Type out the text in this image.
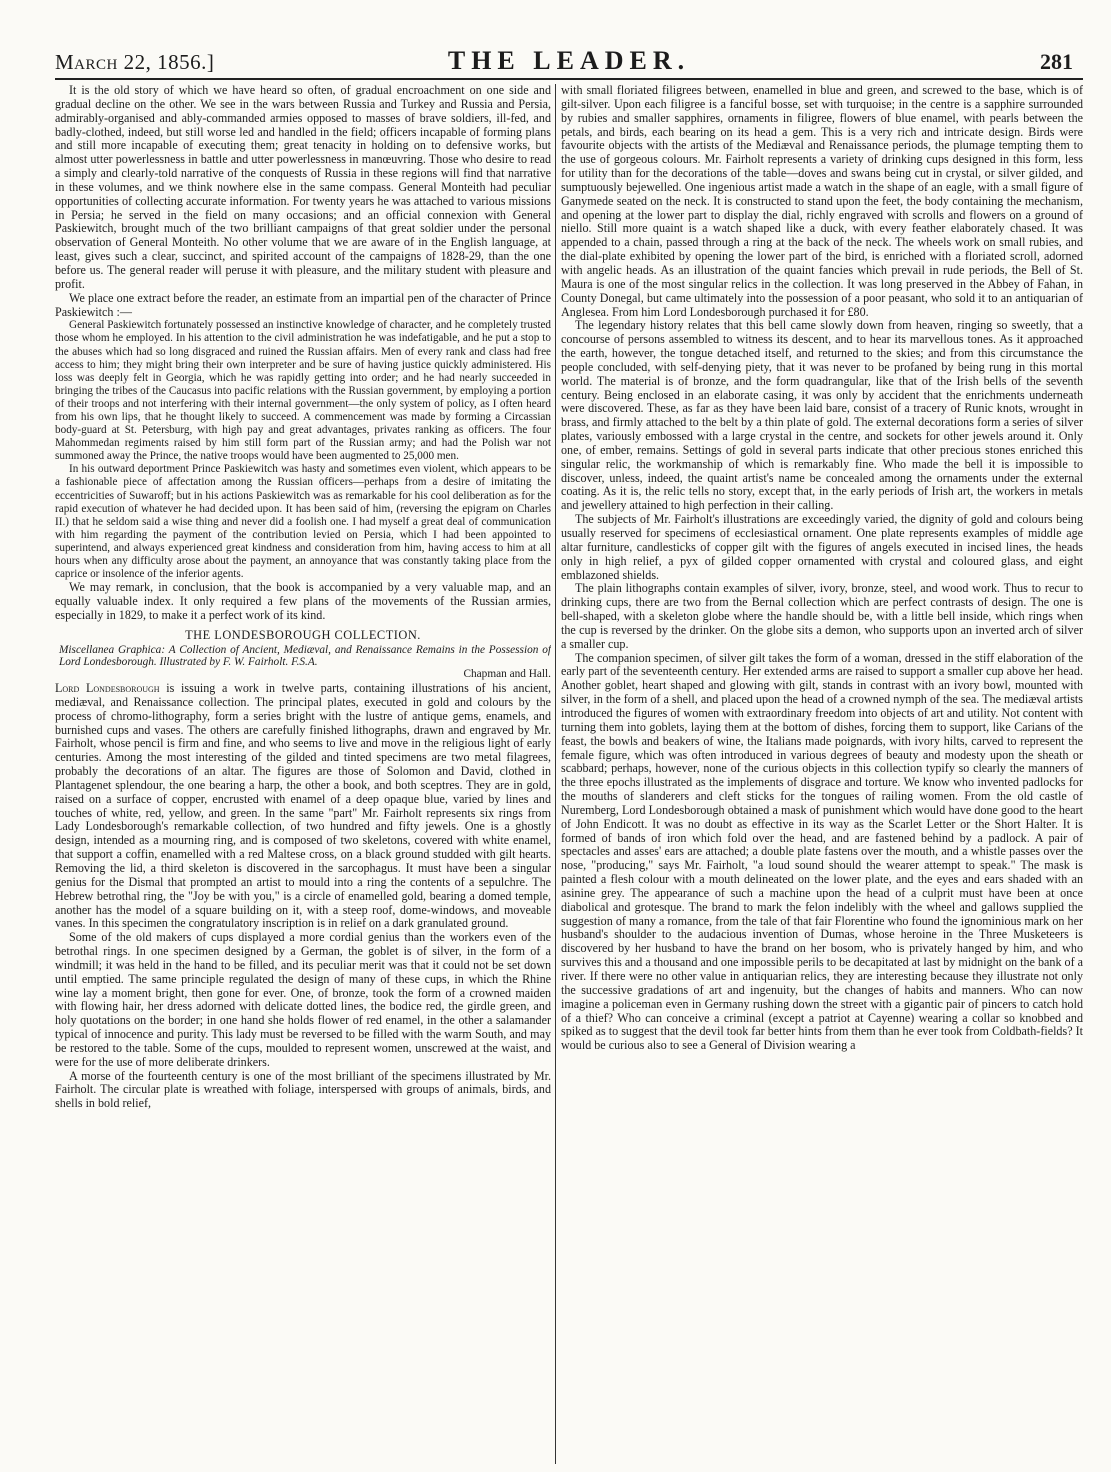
March 22, 1856.]	THE LEADER.	281

It is the old story of which we have heard so often, of gradual encroachment on one side and gradual decline on the other. We see in the wars between Russia and Turkey and Russia and Persia, admirably-organised and ably-commanded armies opposed to masses of brave soldiers, ill-fed, and badly-clothed, indeed, but still worse led and handled in the field; officers incapable of forming plans and still more incapable of executing them; great tenacity in holding on to defensive works, but almost utter powerlessness in battle and utter powerlessness in manœuvring. Those who desire to read a simply and clearly-told narrative of the conquests of Russia in these regions will find that narrative in these volumes, and we think nowhere else in the same compass. General Monteith had peculiar opportunities of collecting accurate information. For twenty years he was attached to various missions in Persia; he served in the field on many occasions; and an official connexion with General Paskiewitch, brought much of the two brilliant campaigns of that great soldier under the personal observation of General Monteith. No other volume that we are aware of in the English language, at least, gives such a clear, succinct, and spirited account of the campaigns of 1828-29, than the one before us. The general reader will peruse it with pleasure, and the military student with pleasure and profit.

We place one extract before the reader, an estimate from an impartial pen of the character of Prince Paskiewitch :—

General Paskiewitch fortunately possessed an instinctive knowledge of character, and he completely trusted those whom he employed. In his attention to the civil administration he was indefatigable, and he put a stop to the abuses which had so long disgraced and ruined the Russian affairs. Men of every rank and class had free access to him; they might bring their own interpreter and be sure of having justice quickly administered. His loss was deeply felt in Georgia, which he was rapidly getting into order; and he had nearly succeeded in bringing the tribes of the Caucasus into pacific relations with the Russian government, by employing a portion of their troops and not interfering with their internal government—the only system of policy, as I often heard from his own lips, that he thought likely to succeed. A commencement was made by forming a Circassian body-guard at St. Petersburg, with high pay and great advantages, privates ranking as officers. The four Mahommedan regiments raised by him still form part of the Russian army; and had the Polish war not summoned away the Prince, the native troops would have been augmented to 25,000 men.

In his outward deportment Prince Paskiewitch was hasty and sometimes even violent, which appears to be a fashionable piece of affectation among the Russian officers—perhaps from a desire of imitating the eccentricities of Suwaroff; but in his actions Paskiewitch was as remarkable for his cool deliberation as for the rapid execution of whatever he had decided upon. It has been said of him, (reversing the epigram on Charles II.) that he seldom said a wise thing and never did a foolish one. I had myself a great deal of communication with him regarding the payment of the contribution levied on Persia, which I had been appointed to superintend, and always experienced great kindness and consideration from him, having access to him at all hours when any difficulty arose about the payment, an annoyance that was constantly taking place from the caprice or insolence of the inferior agents.

We may remark, in conclusion, that the book is accompanied by a very valuable map, and an equally valuable index. It only required a few plans of the movements of the Russian armies, especially in 1829, to make it a perfect work of its kind.

THE LONDESBOROUGH COLLECTION.
Miscellanea Graphica: A Collection of Ancient, Mediæval, and Renaissance Remains in the Possession of Lord Londesborough. Illustrated by F. W. Fairholt. F.S.A.
Chapman and Hall.

Lord Londesborough is issuing a work in twelve parts, containing illustrations of his ancient, mediæval, and Renaissance collection. The principal plates, executed in gold and colours by the process of chromo-lithography, form a series bright with the lustre of antique gems, enamels, and burnished cups and vases. The others are carefully finished lithographs, drawn and engraved by Mr. Fairholt, whose pencil is firm and fine, and who seems to live and move in the religious light of early centuries. Among the most interesting of the gilded and tinted specimens are two metal filagrees, probably the decorations of an altar. The figures are those of Solomon and David, clothed in Plantagenet splendour, the one bearing a harp, the other a book, and both sceptres. They are in gold, raised on a surface of copper, encrusted with enamel of a deep opaque blue, varied by lines and touches of white, red, yellow, and green. In the same "part" Mr. Fairholt represents six rings from Lady Londesborough's remarkable collection, of two hundred and fifty jewels. One is a ghostly design, intended as a mourning ring, and is composed of two skeletons, covered with white enamel, that support a coffin, enamelled with a red Maltese cross, on a black ground studded with gilt hearts. Removing the lid, a third skeleton is discovered in the sarcophagus. It must have been a singular genius for the Dismal that prompted an artist to mould into a ring the contents of a sepulchre. The Hebrew betrothal ring, the "Joy be with you," is a circle of enamelled gold, bearing a domed temple, another has the model of a square building on it, with a steep roof, dome-windows, and moveable vanes. In this specimen the congratulatory inscription is in relief on a dark granulated ground.

Some of the old makers of cups displayed a more cordial genius than the workers even of the betrothal rings. In one specimen designed by a German, the goblet is of silver, in the form of a windmill; it was held in the hand to be filled, and its peculiar merit was that it could not be set down until emptied. The same principle regulated the design of many of these cups, in which the Rhine wine lay a moment bright, then gone for ever. One, of bronze, took the form of a crowned maiden with flowing hair, her dress adorned with delicate dotted lines, the bodice red, the girdle green, and holy quotations on the border; in one hand she holds flower of red enamel, in the other a salamander typical of innocence and purity. This lady must be reversed to be filled with the warm South, and may be restored to the table. Some of the cups, moulded to represent women, unscrewed at the waist, and were for the use of more deliberate drinkers.

A morse of the fourteenth century is one of the most brilliant of the specimens illustrated by Mr. Fairholt. The circular plate is wreathed with foliage, interspersed with groups of animals, birds, and shells in bold relief,

with small floriated filigrees between, enamelled in blue and green, and screwed to the base, which is of gilt-silver. Upon each filigree is a fanciful bosse, set with turquoise; in the centre is a sapphire surrounded by rubies and smaller sapphires, ornaments in filigree, flowers of blue enamel, with pearls between the petals, and birds, each bearing on its head a gem. This is a very rich and intricate design. Birds were favourite objects with the artists of the Mediæval and Renaissance periods, the plumage tempting them to the use of gorgeous colours. Mr. Fairholt represents a variety of drinking cups designed in this form, less for utility than for the decorations of the table—doves and swans being cut in crystal, or silver gilded, and sumptuously bejewelled. One ingenious artist made a watch in the shape of an eagle, with a small figure of Ganymede seated on the neck. It is constructed to stand upon the feet, the body containing the mechanism, and opening at the lower part to display the dial, richly engraved with scrolls and flowers on a ground of niello. Still more quaint is a watch shaped like a duck, with every feather elaborately chased. It was appended to a chain, passed through a ring at the back of the neck. The wheels work on small rubies, and the dial-plate exhibited by opening the lower part of the bird, is enriched with a floriated scroll, adorned with angelic heads. As an illustration of the quaint fancies which prevail in rude periods, the Bell of St. Maura is one of the most singular relics in the collection. It was long preserved in the Abbey of Fahan, in County Donegal, but came ultimately into the possession of a poor peasant, who sold it to an antiquarian of Anglesea. From him Lord Londesborough purchased it for £80.

The legendary history relates that this bell came slowly down from heaven, ringing so sweetly, that a concourse of persons assembled to witness its descent, and to hear its marvellous tones. As it approached the earth, however, the tongue detached itself, and returned to the skies; and from this circumstance the people concluded, with self-denying piety, that it was never to be profaned by being rung in this mortal world. The material is of bronze, and the form quadrangular, like that of the Irish bells of the seventh century. Being enclosed in an elaborate casing, it was only by accident that the enrichments underneath were discovered. These, as far as they have been laid bare, consist of a tracery of Runic knots, wrought in brass, and firmly attached to the belt by a thin plate of gold. The external decorations form a series of silver plates, variously embossed with a large crystal in the centre, and sockets for other jewels around it. Only one, of ember, remains. Settings of gold in several parts indicate that other precious stones enriched this singular relic, the workmanship of which is remarkably fine. Who made the bell it is impossible to discover, unless, indeed, the quaint artist's name be concealed among the ornaments under the external coating. As it is, the relic tells no story, except that, in the early periods of Irish art, the workers in metals and jewellery attained to high perfection in their calling.

The subjects of Mr. Fairholt's illustrations are exceedingly varied, the dignity of gold and colours being usually reserved for specimens of ecclesiastical ornament. One plate represents examples of middle age altar furniture, candlesticks of copper gilt with the figures of angels executed in incised lines, the heads only in high relief, a pyx of gilded copper ornamented with crystal and coloured glass, and eight emblazoned shields.

The plain lithographs contain examples of silver, ivory, bronze, steel, and wood work. Thus to recur to drinking cups, there are two from the Bernal collection which are perfect contrasts of design. The one is bell-shaped, with a skeleton globe where the handle should be, with a little bell inside, which rings when the cup is reversed by the drinker. On the globe sits a demon, who supports upon an inverted arch of silver a smaller cup.

The companion specimen, of silver gilt takes the form of a woman, dressed in the stiff elaboration of the early part of the seventeenth century. Her extended arms are raised to support a smaller cup above her head. Another goblet, heart shaped and glowing with gilt, stands in contrast with an ivory bowl, mounted with silver, in the form of a shell, and placed upon the head of a crowned nymph of the sea. The mediæval artists introduced the figures of women with extraordinary freedom into objects of art and utility. Not content with turning them into goblets, laying them at the bottom of dishes, forcing them to support, like Carians of the feast, the bowls and beakers of wine, the Italians made poignards, with ivory hilts, carved to represent the female figure, which was often introduced in various degrees of beauty and modesty upon the sheath or scabbard; perhaps, however, none of the curious objects in this collection typify so clearly the manners of the three epochs illustrated as the implements of disgrace and torture. We know who invented padlocks for the mouths of slanderers and cleft sticks for the tongues of railing women. From the old castle of Nuremberg, Lord Londesborough obtained a mask of punishment which would have done good to the heart of John Endicott. It was no doubt as effective in its way as the Scarlet Letter or the Short Halter. It is formed of bands of iron which fold over the head, and are fastened behind by a padlock. A pair of spectacles and asses' ears are attached; a double plate fastens over the mouth, and a whistle passes over the nose, "producing," says Mr. Fairholt, "a loud sound should the wearer attempt to speak." The mask is painted a flesh colour with a mouth delineated on the lower plate, and the eyes and ears shaded with an asinine grey. The appearance of such a machine upon the head of a culprit must have been at once diabolical and grotesque. The brand to mark the felon indelibly with the wheel and gallows supplied the suggestion of many a romance, from the tale of that fair Florentine who found the ignominious mark on her husband's shoulder to the audacious invention of Dumas, whose heroine in the Three Musketeers is discovered by her husband to have the brand on her bosom, who is privately hanged by him, and who survives this and a thousand and one impossible perils to be decapitated at last by midnight on the bank of a river. If there were no other value in antiquarian relics, they are interesting because they illustrate not only the successive gradations of art and ingenuity, but the changes of habits and manners. Who can now imagine a policeman even in Germany rushing down the street with a gigantic pair of pincers to catch hold of a thief? Who can conceive a criminal (except a patriot at Cayenne) wearing a collar so knobbed and spiked as to suggest that the devil took far better hints from them than he ever took from Coldbath-fields? It would be curious also to see a General of Division wearing a
